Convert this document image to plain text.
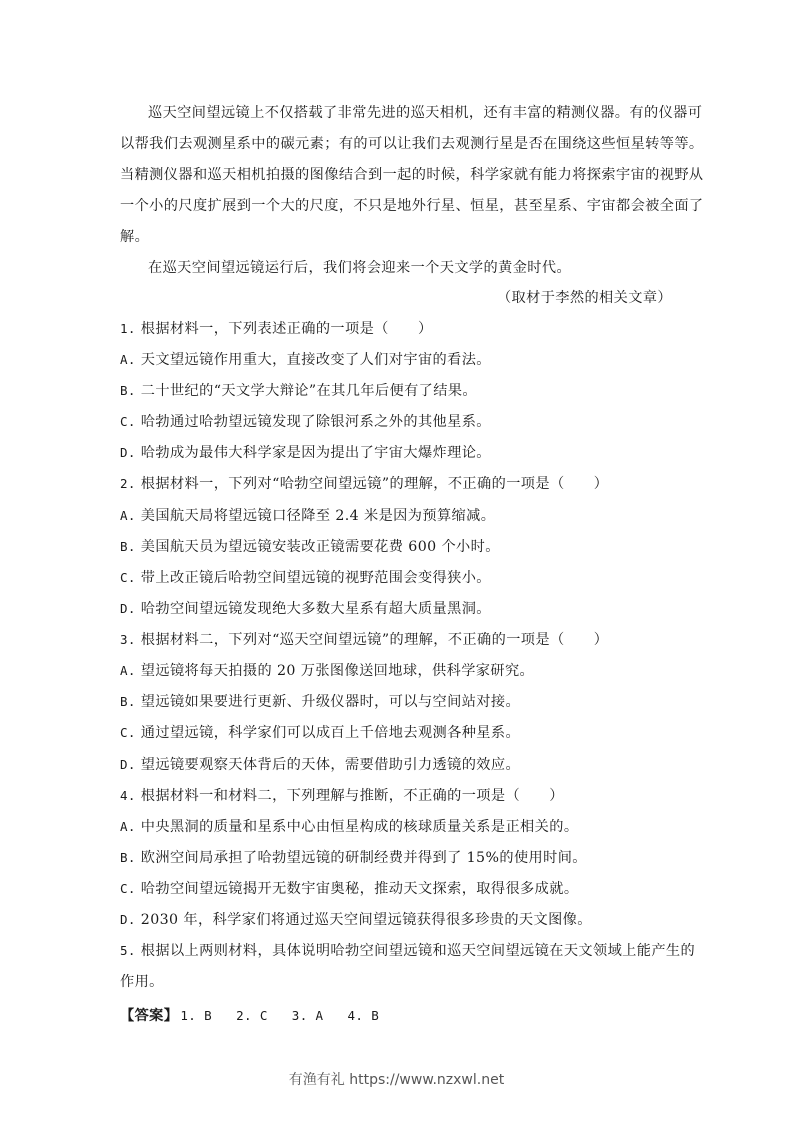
巡天空间望远镜上不仅搭载了非常先进的巡天相机，还有丰富的精测仪器。有的仪器可
以帮我们去观测星系中的碳元素；有的可以让我们去观测行星是否在围绕这些恒星转等等。
当精测仪器和巡天相机拍摄的图像结合到一起的时候，科学家就有能力将探索宇宙的视野从
一个小的尺度扩展到一个大的尺度，不只是地外行星、恒星，甚至星系、宇宙都会被全面了
解。
在巡天空间望远镜运行后，我们将会迎来一个天文学的黄金时代。
（取材于李然的相关文章）
1. 根据材料一，下列表述正确的一项是（　　）
A. 天文望远镜作用重大，直接改变了人们对宇宙的看法。
B. 二十世纪的“天文学大辩论”在其几年后便有了结果。
C. 哈勃通过哈勃望远镜发现了除银河系之外的其他星系。
D. 哈勃成为最伟大科学家是因为提出了宇宙大爆炸理论。
2. 根据材料一，下列对“哈勃空间望远镜”的理解，不正确的一项是（　　）
A. 美国航天局将望远镜口径降至 2.4 米是因为预算缩减。
B. 美国航天员为望远镜安装改正镜需要花费 600 个小时。
C. 带上改正镜后哈勃空间望远镜的视野范围会变得狭小。
D. 哈勃空间望远镜发现绝大多数大星系有超大质量黑洞。
3. 根据材料二，下列对“巡天空间望远镜”的理解，不正确的一项是（　　）
A. 望远镜将每天拍摄的 20 万张图像送回地球，供科学家研究。
B. 望远镜如果要进行更新、升级仪器时，可以与空间站对接。
C. 通过望远镜，科学家们可以成百上千倍地去观测各种星系。
D. 望远镜要观察天体背后的天体，需要借助引力透镜的效应。
4. 根据材料一和材料二，下列理解与推断，不正确的一项是（　　）
A. 中央黑洞的质量和星系中心由恒星构成的核球质量关系是正相关的。
B. 欧洲空间局承担了哈勃望远镜的研制经费并得到了 15%的使用时间。
C. 哈勃空间望远镜揭开无数宇宙奥秘，推动天文探索，取得很多成就。
D. 2030 年，科学家们将通过巡天空间望远镜获得很多珍贵的天文图像。
5. 根据以上两则材料，具体说明哈勃空间望远镜和巡天空间望远镜在天文领域上能产生的
作用。
【答案】 1. B 2. C 3. A 4. B
有渔有礼 https://www.nzxwl.net
